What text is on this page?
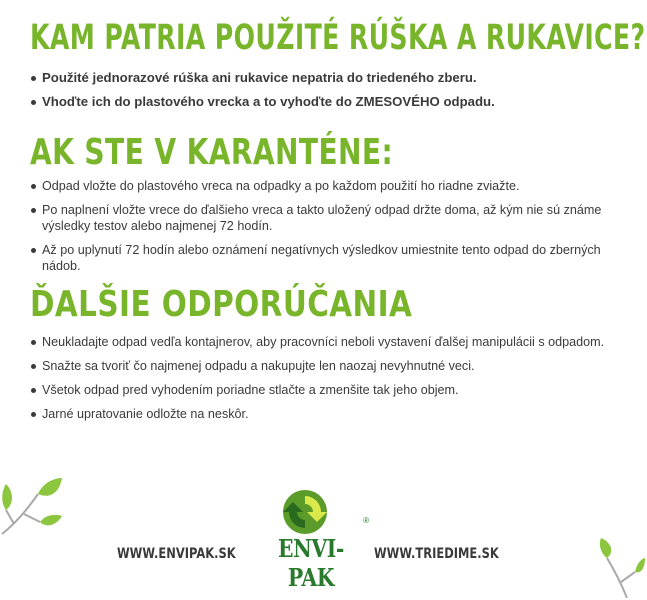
KAM PATRIA POUŽITÉ RÚŠKA A RUKAVICE?
Použité jednorazové rúška ani rukavice nepatria do triedeného zberu.
Vhoďte ich do plastového vrecka a to vyhoďte do ZMESOVÉHO odpadu.
AK STE V KARANTÉNE:
Odpad vložte do plastového vreca na odpadky a po každom použití ho riadne zviažte.
Po naplnení vložte vrece do ďalšieho vreca a takto uložený odpad držte doma, až kým nie sú známe výsledky testov alebo najmenej 72 hodín.
Až po uplynutí 72 hodín alebo oznámení negatívnych výsledkov umiestnite tento odpad do zberných nádob.
ĎALŠIE ODPORÚČANIA
Neukladajte odpad vedľa kontajnerov, aby pracovníci neboli vystavení ďalšej manipulácii s odpadom.
Snažte sa tvoriť čo najmenej odpadu a nakupujte len naozaj nevyhnutné veci.
Všetok odpad pred vyhodením poriadne stlačte a zmenšite tak jeho objem.
Jarné upratovanie odložte na neskôr.
WWW.ENVIPAK.SK	ENVI-PAK
®
WWW.TRIEDIME.SK
